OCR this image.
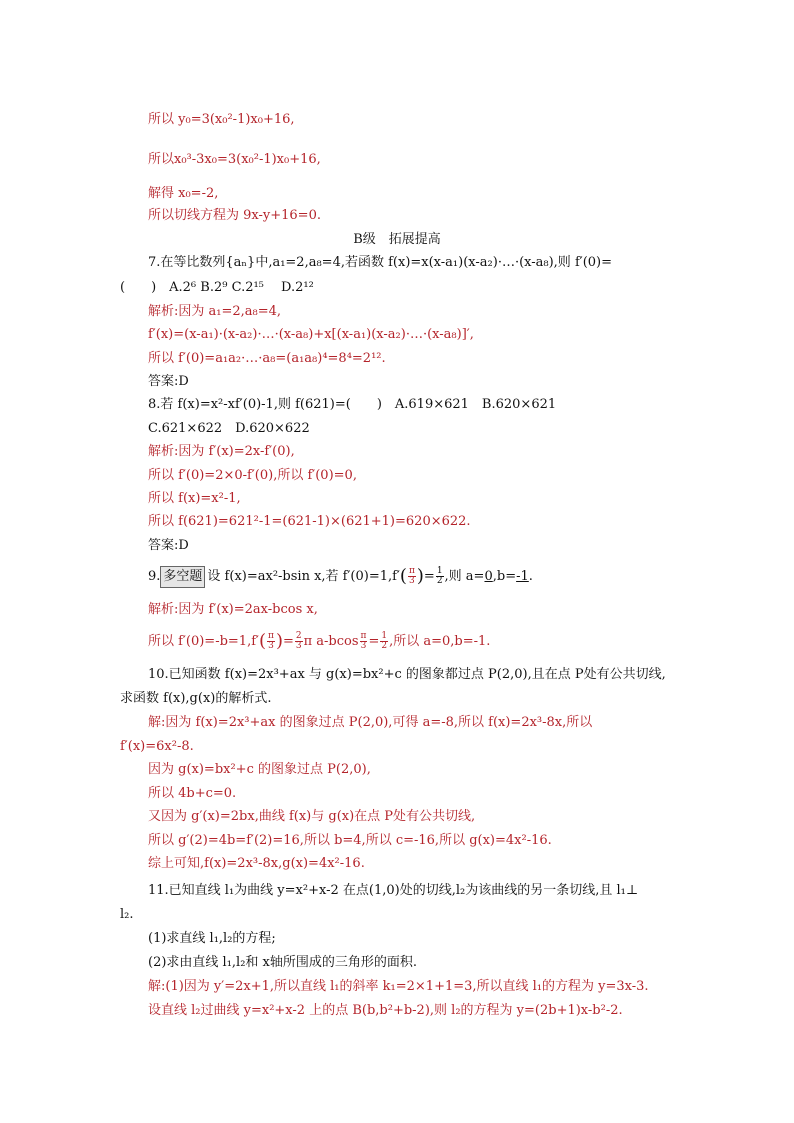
所以 y₀=3(x₀²-1)x₀+16,
所以x₀³-3x₀=3(x₀²-1)x₀+16,
解得 x₀=-2,
所以切线方程为 9x-y+16=0.
B级　拓展提高
7.在等比数列{aₙ}中,a₁=2,a₈=4,若函数 f(x)=x(x-a₁)(x-a₂)·…·(x-a₈),则 f′(0)=
(　　)　A.2⁶ B.2⁹ C.2¹⁵　 D.2¹²
解析:因为 a₁=2,a₈=4,
f′(x)=(x-a₁)·(x-a₂)·…·(x-a₈)+x[(x-a₁)(x-a₂)·…·(x-a₈)]′,
所以 f′(0)=a₁a₂·…·a₈=(a₁a₈)⁴=8⁴=2¹².
答案:D
8.若 f(x)=x²-xf′(0)-1,则 f(621)=(　　)　A.619×621　B.620×621
C.621×622　D.620×622
解析:因为 f′(x)=2x-f′(0),
所以 f′(0)=2×0-f′(0),所以 f′(0)=0,
所以 f(x)=x²-1,
所以 f(621)=621²-1=(621-1)×(621+1)=620×622.
答案:D
9. 多空题 设 f(x)=ax²-bsin x,若 $f'(0)=1,f'( \frac{\pi}{3}$ )= $\frac{1}{2}$ ,则 a=0,b=-1.
解析:因为 f′(x)=2ax-bcos x,
所以 $f'(0)=-b=1,f'( \frac{\pi}{3}$ )= $\frac{2}{3}$ π $a-bcos \frac{\pi}{3} = \frac{1}{2}$ ,所以 a=0,b=-1.
10.已知函数 f(x)=2x³+ax 与 g(x)=bx²+c 的图象都过点 P(2,0),且在点 P处有公共切线,
求函数 f(x),g(x)的解析式.
解:因为 f(x)=2x³+ax 的图象过点 P(2,0),可得 a=-8,所以 f(x)=2x³-8x,所以
f′(x)=6x²-8.
因为 g(x)=bx²+c 的图象过点 P(2,0),
所以 4b+c=0.
又因为 g′(x)=2bx,曲线 f(x)与 g(x)在点 P处有公共切线,
所以 g′(2)=4b=f′(2)=16,所以 b=4,所以 c=-16,所以 g(x)=4x²-16.
综上可知,f(x)=2x³-8x,g(x)=4x²-16.
11.已知直线 l₁为曲线 y=x²+x-2 在点(1,0)处的切线,l₂为该曲线的另一条切线,且 l₁⊥
l₂.
(1)求直线 l₁,l₂的方程;
(2)求由直线 l₁,l₂和 x轴所围成的三角形的面积.
解:(1)因为 y′=2x+1,所以直线 l₁的斜率 k₁=2×1+1=3,所以直线 l₁的方程为 y=3x-3.
设直线 l₂过曲线 y=x²+x-2 上的点 B(b,b²+b-2),则 l₂的方程为 y=(2b+1)x-b²-2.
